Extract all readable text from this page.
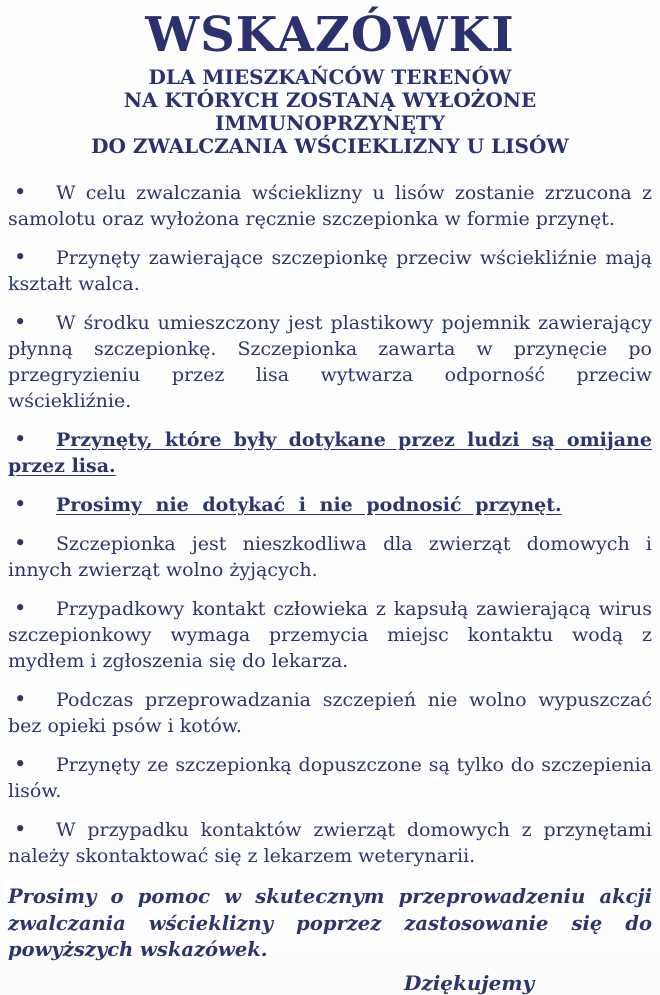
WSKAZÓWKI
DLA MIESZKAŃCÓW TERENÓW
NA KTÓRYCH ZOSTANĄ WYŁOŻONE IMMUNOPRZYNĘTY
DO ZWALCZANIA WŚCIEKLIZNY U LISÓW

• W celu zwalczania wścieklizny u lisów zostanie zrzucona z samolotu oraz wyłożona ręcznie szczepionka w formie przynęt.

• Przynęty zawierające szczepionkę przeciw wściekliźnie mają kształt walca.

• W środku umieszczony jest plastikowy pojemnik zawierający płynną szczepionkę. Szczepionka zawarta w przynęcie po przegryzieniu przez lisa wytwarza odporność przeciw wściekliźnie.

• Przynęty, które były dotykane przez ludzi są omijane przez lisa.

• Prosimy nie dotykać i nie podnosić przynęt.

• Szczepionka jest nieszkodliwa dla zwierząt domowych i innych zwierząt wolno żyjących.

• Przypadkowy kontakt człowieka z kapsułą zawierającą wirus szczepionkowy wymaga przemycia miejsc kontaktu wodą z mydłem i zgłoszenia się do lekarza.

• Podczas przeprowadzania szczepień nie wolno wypuszczać bez opieki psów i kotów.

• Przynęty ze szczepionką dopuszczone są tylko do szczepienia lisów.

• W przypadku kontaktów zwierząt domowych z przynętami należy skontaktować się z lekarzem weterynarii.

Prosimy o pomoc w skutecznym przeprowadzeniu akcji zwalczania wścieklizny poprzez zastosowanie się do powyższych wskazówek.

Dziękujemy
